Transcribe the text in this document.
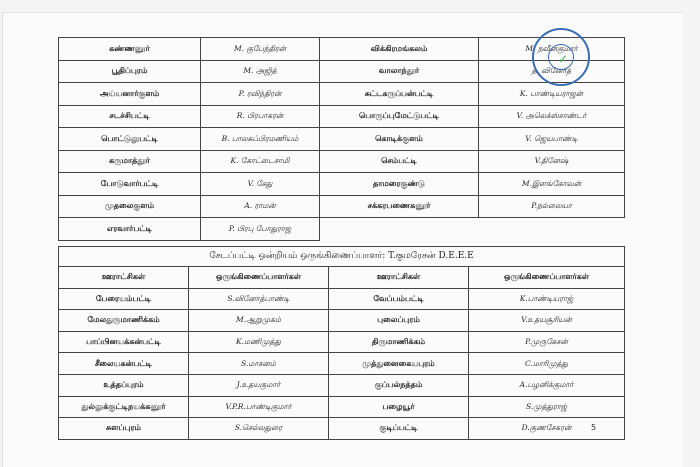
கண்ணனூர்	M. குபேந்திரன்	விக்கிரமங்கலம்	M. நவீன்குமார்
பூதிப்புரம்	M. அஜித்	வாலாந்தூர்	த. வினோத்
அய்யனார்குளம்	P. ரவிந்திரன்	சுட்டகருப்பன்பட்டி	K. பாண்டியராஜன்
சடச்சிபட்டி	R. பிரபாகரன்	பொருப்புமேட்டுபட்டி	V. அலெக்ஸ்சாண்டர்
பொட்டுலுபட்டி	B. பாலசுப்பிரமணியம்	கொடிக்குளம்	V. ஜெயபாண்டி
கருமாத்தூர்	K. கோட்டைசாமி	செம்பட்டி	V.தினேஷ்
போடுவார்பட்டி	V. சேது	தாமரைகுண்டு	M.இளங்கோவன்
முதலைகுளம்	A. ராமன்	சக்கரபணைகனூர்	P.நல்லையா
எரவார்பட்டி	P. பிரபு போதுராஜ		
✓
சேடப்பட்டி ஒன்றியம் ஒருங்கிணைப்பாளர்: T.குமரேசன் D.E.E.E			
ஊராட்சிகள்	ஒருங்கிணைப்பாளர்கள்	ஊராட்சிகள்	ஒருங்கிணைப்பாளர்கள்
பேரையம்பட்டி	S.வினோத்பாண்டி	வேப்பம்பட்டி	K.பாண்டியராஜ்
மேலதுருமாணிக்கம்	M.ஆறுமுகம்	புலைப்புரம்	V.உதயசூரியன்
பாப்பினயக்கன்பட்டி	K.மணிமுத்து	திருமாணிக்கம்	P.முருகேசன்
சீலையகன்பட்டி	S.மாசனம்	முத்துனைகையபுரம்	C.மாரிமுத்து
உத்தப்புரம்	J.உதயகுமார்	குப்பல்நத்தம்	A.பழனிக்குமார்
துல்லுக்குட்டிநயக்கனூர்	V.P.R.பாண்டிகுமார்	பழையூர்	S.முத்துராஜ்
சுளப்புரம்	S.செல்லதுரை	குடிப்பட்டி	D.குணசேகரன் 5
